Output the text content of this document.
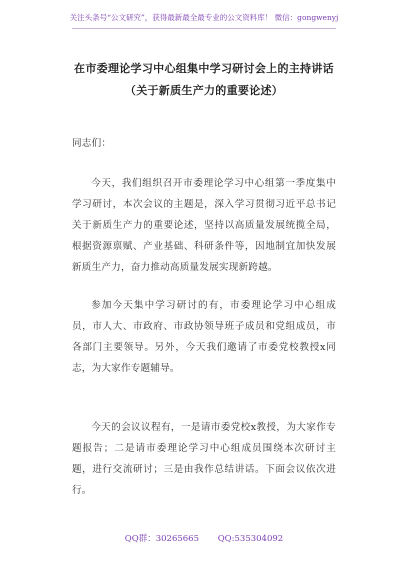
关注头条号“公文研究”，获得最新最全最专业的公文资料库！ 微信：gongwenyj
在市委理论学习中心组集中学习研讨会上的主持讲话（关于新质生产力的重要论述）
同志们：
今天，我们组织召开市委理论学习中心组第一季度集中学习研讨，本次会议的主题是，深入学习贯彻习近平总书记关于新质生产力的重要论述，坚持以高质量发展统揽全局，根据资源禀赋、产业基础、科研条件等，因地制宜加快发展新质生产力，奋力推动高质量发展实现新跨越。
参加今天集中学习研讨的有，市委理论学习中心组成员，市人大、市政府、市政协领导班子成员和党组成员，市各部门主要领导。另外，今天我们邀请了市委党校教授x同志，为大家作专题辅导。
今天的会议议程有，一是请市委党校x教授，为大家作专题报告；二是请市委理论学习中心组成员围绕本次研讨主题，进行交流研讨；三是由我作总结讲话。下面会议依次进行。
QQ群：30265665 QQ:535304092
